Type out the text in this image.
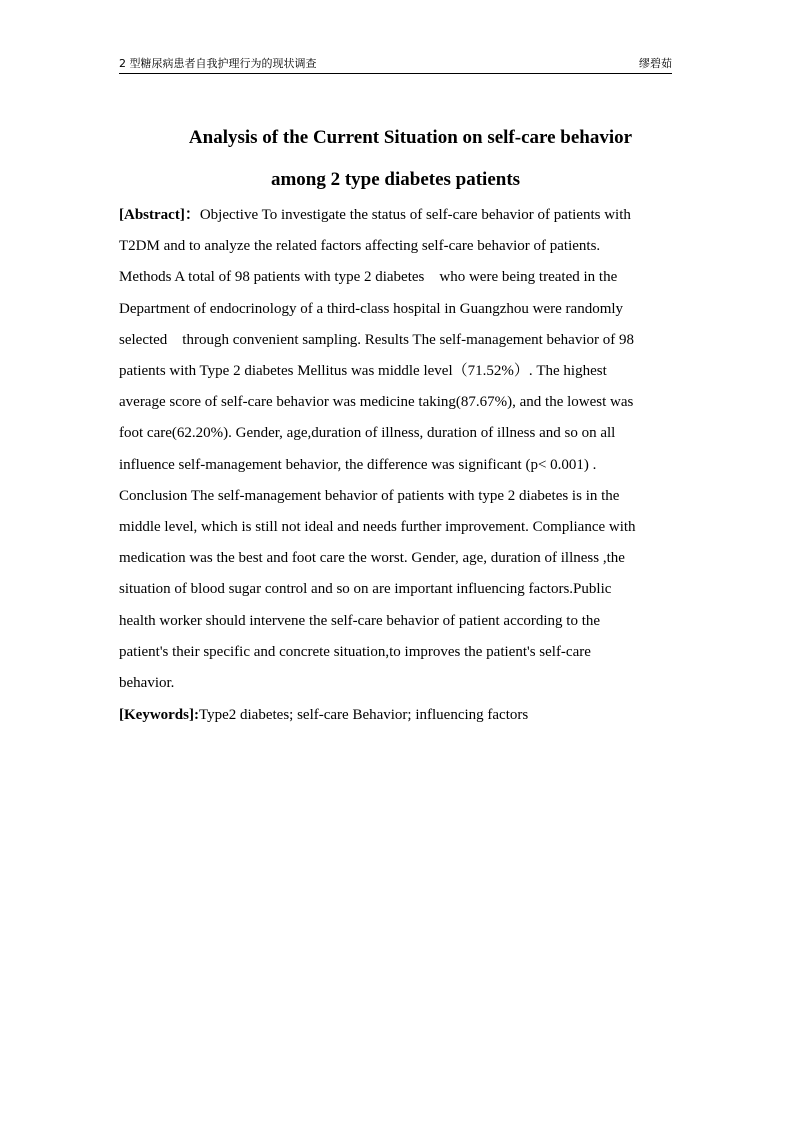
2 型糖尿病患者自我护理行为的现状调查	缪碧茹
Analysis of the Current Situation on self-care behavior
among 2 type diabetes patients
[Abstract]：Objective To investigate the status of self-care behavior of patients with
T2DM and to analyze the related factors affecting self-care behavior of patients.
Methods A total of 98 patients with type 2 diabetes    who were being treated in the
Department of endocrinology of a third-class hospital in Guangzhou were randomly
selected    through convenient sampling. Results The self-management behavior of 98
patients with Type 2 diabetes Mellitus was middle level（71.52%）. The highest
average score of self-care behavior was medicine taking(87.67%), and the lowest was
foot care(62.20%). Gender, age,duration of illness, duration of illness and so on all
influence self-management behavior, the difference was significant (p< 0.001) .
Conclusion The self-management behavior of patients with type 2 diabetes is in the
middle level, which is still not ideal and needs further improvement. Compliance with
medication was the best and foot care the worst. Gender, age, duration of illness ,the
situation of blood sugar control and so on are important influencing factors.Public
health worker should intervene the self-care behavior of patient according to the
patient's their specific and concrete situation,to improves the patient's self-care
behavior.
[Keywords]:Type2 diabetes; self-care Behavior; influencing factors
